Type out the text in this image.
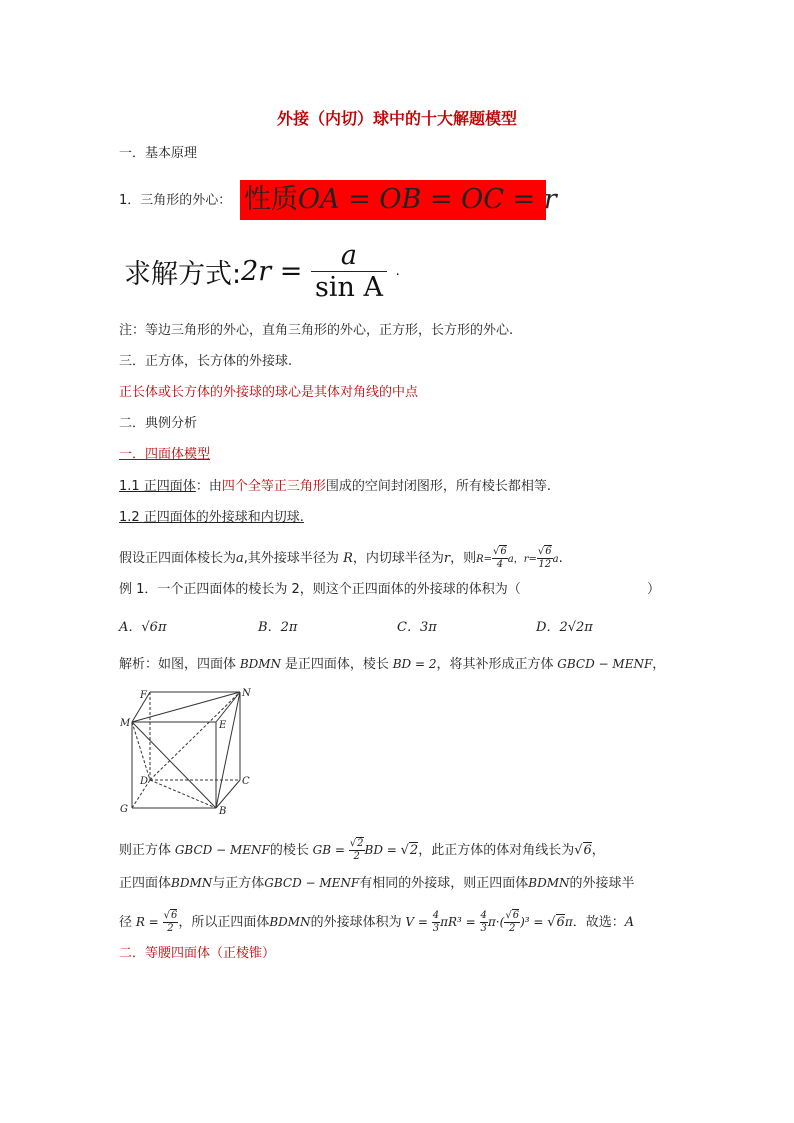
外接（内切）球中的十大解题模型
一．基本原理
1．三角形的外心： 性质OA = OB = OC = r
求解方式:2r = $\frac{a}{\text{sin A}}$ .
注：等边三角形的外心，直角三角形的外心，正方形，长方形的外心.
三．正方体，长方体的外接球.
正长体或长方体的外接球的球心是其体对角线的中点
二．典例分析
一．四面体模型
1.1 正四面体：由四个全等正三角形围成的空间封闭图形，所有棱长都相等.
1.2 正四面体的外接球和内切球.
假设正四面体棱长为a,其外接球半径为 R，内切球半径为r，则$R= \frac{√6}{4}$ a，$r= \frac{√6}{12} a$.
例 1．一个正四面体的棱长为 2，则这个正四面体的外接球的体积为（	）
A．√6π	B．2π	C．3π	D．2√2π
解析：如图，四面体 BDMN 是正四面体，棱长 BD = 2，将其补形成正方体 GBCD − MENF，
F	N
M	E
D	C
G	B
则正方体 GBCD − MENF的棱长 GB = $\frac{√2}{2}$ BD = √2，此正方体的体对角线长为√6，
正四面体BDMN与正方体GBCD − MENF有相同的外接球，则正四面体BDMN的外接球半
径 $R = \frac{√6}{2}$ ，所以正四面体BDMN的外接球体积为 $V = \frac{4}{3} \pi R^3 = \frac{4}{3} \pi\cdot( \frac{√6}{2} )^3 = √6\pi$．故选：A
二．等腰四面体（正棱锥）
